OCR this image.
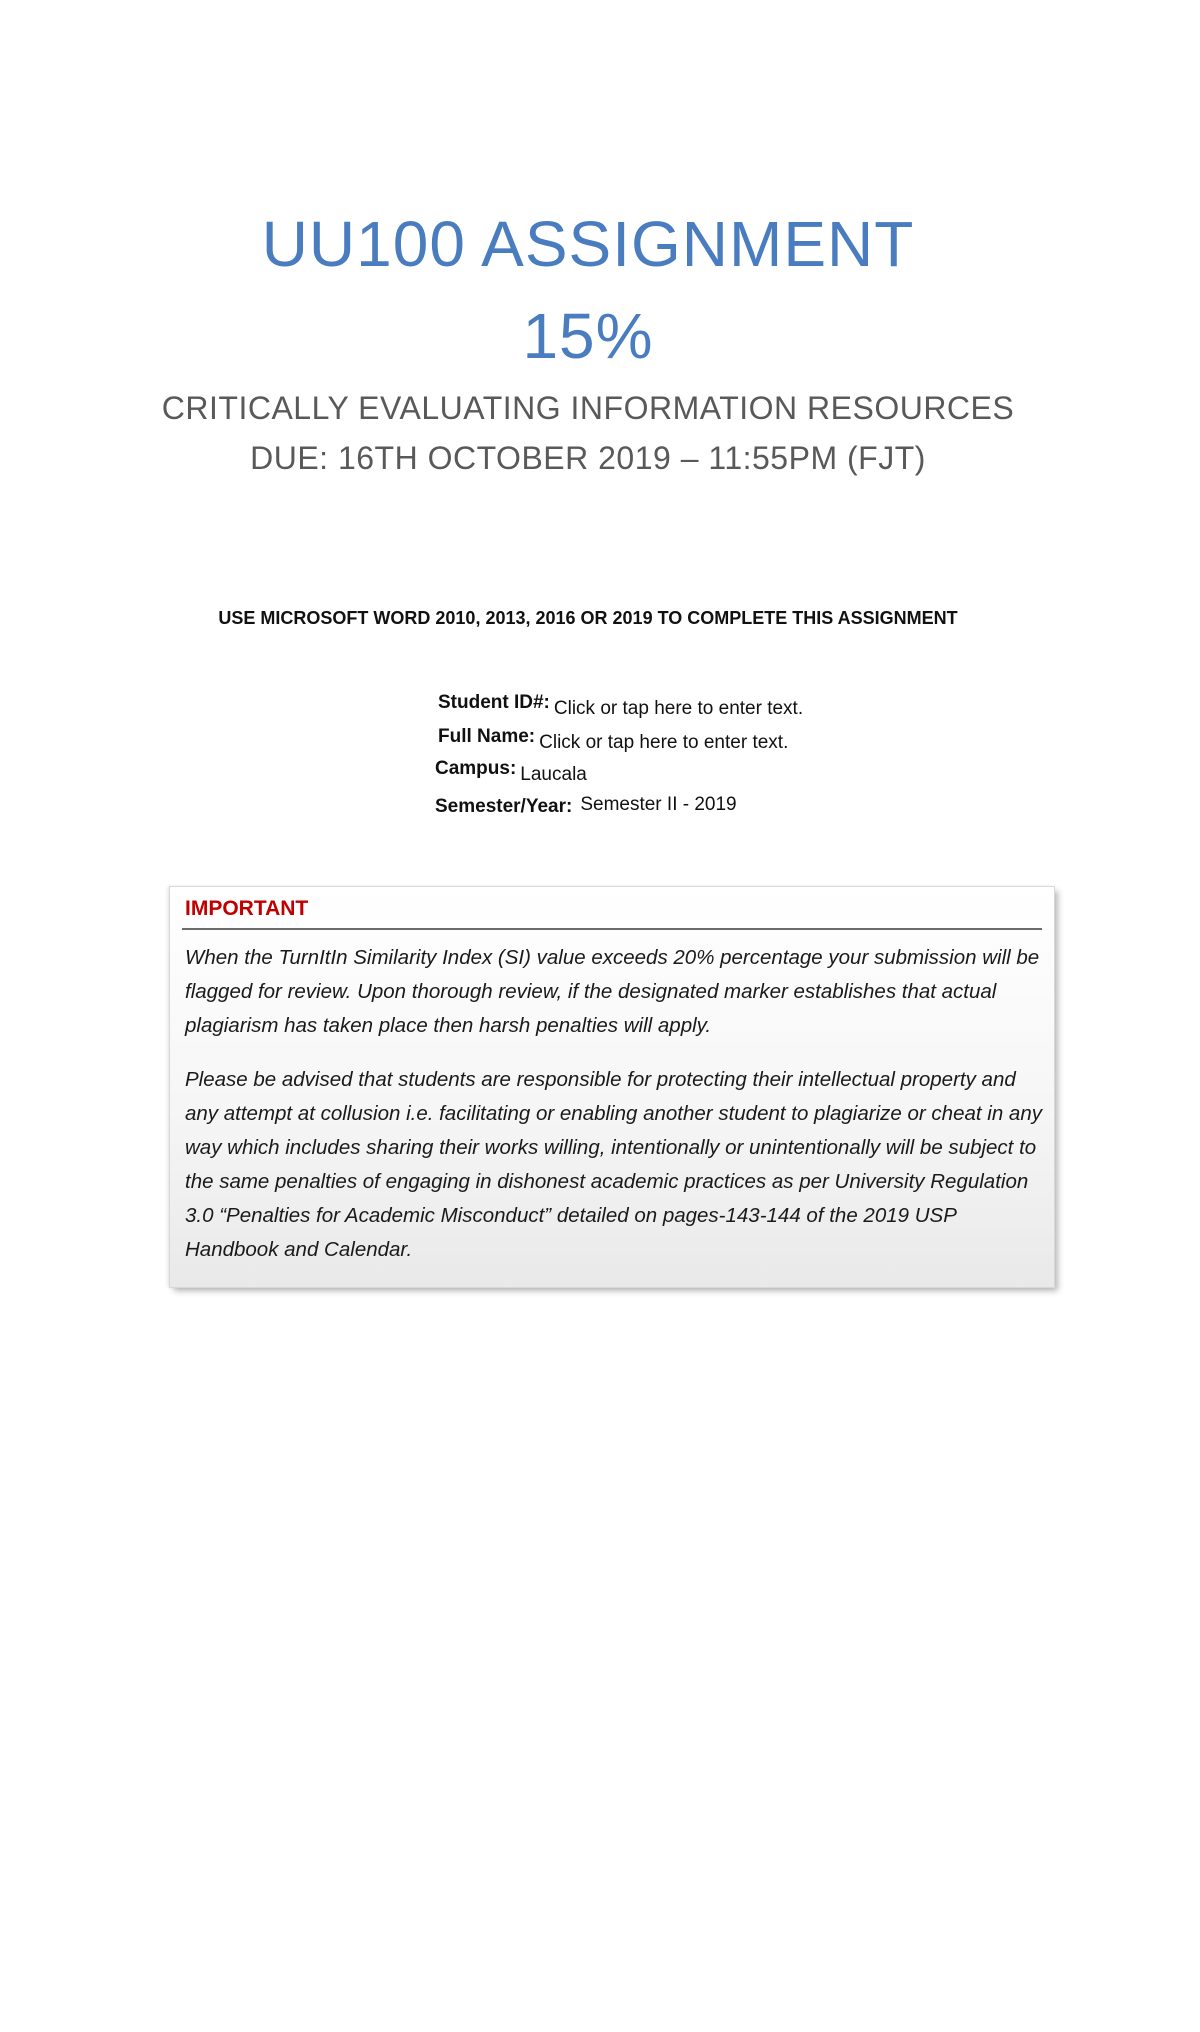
UU100 ASSIGNMENT
15%

CRITICALLY EVALUATING INFORMATION RESOURCES

DUE: 16TH OCTOBER 2019 – 11:55PM (FJT)

USE MICROSOFT WORD 2010, 2013, 2016 OR 2019 TO COMPLETE THIS ASSIGNMENT

Student ID#: Click or tap here to enter text.
Full Name: Click or tap here to enter text.
Campus: Laucala
Semester/Year: Semester II - 2019

IMPORTANT

When the TurnItIn Similarity Index (SI) value exceeds 20% percentage your submission will be flagged for review. Upon thorough review, if the designated marker establishes that actual plagiarism has taken place then harsh penalties will apply.

Please be advised that students are responsible for protecting their intellectual property and any attempt at collusion i.e. facilitating or enabling another student to plagiarize or cheat in any way which includes sharing their works willing, intentionally or unintentionally will be subject to the same penalties of engaging in dishonest academic practices as per University Regulation 3.0 “Penalties for Academic Misconduct” detailed on pages-143-144 of the 2019 USP Handbook and Calendar.
